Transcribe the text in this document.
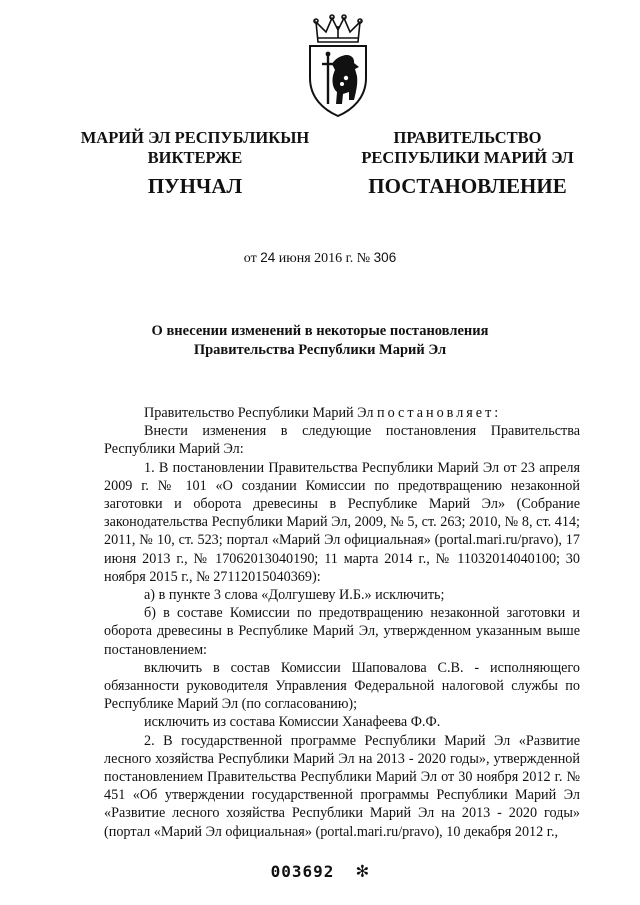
МАРИЙ ЭЛ РЕСПУБЛИКЫН
ВИКТЕРЖЕ
ПРАВИТЕЛЬСТВО
РЕСПУБЛИКИ МАРИЙ ЭЛ
ПУНЧАЛ	ПОСТАНОВЛЕНИЕ
от 24 июня 2016 г. № 306
О внесении изменений в некоторые постановления
Правительства Республики Марий Эл

Правительство Республики Марий Эл постановляет:

Внести изменения в следующие постановления Правительства Республики Марий Эл:

1. В постановлении Правительства Республики Марий Эл от 23 апреля 2009 г. № 101 «О создании Комиссии по предотвращению незаконной заготовки и оборота древесины в Республике Марий Эл» (Собрание законодательства Республики Марий Эл, 2009, № 5, ст. 263; 2010, № 8, ст. 414; 2011, № 10, ст. 523; портал «Марий Эл официальная» (portal.mari.ru/pravo), 17 июня 2013 г., № 17062013040190; 11 марта 2014 г., № 11032014040100; 30 ноября 2015 г., № 27112015040369):

а) в пункте 3 слова «Долгушеву И.Б.» исключить;

б) в составе Комиссии по предотвращению незаконной заготовки и оборота древесины в Республике Марий Эл, утвержденном указанным выше постановлением:

включить в состав Комиссии Шаповалова С.В. - исполняющего обязанности руководителя Управления Федеральной налоговой службы по Республике Марий Эл (по согласованию);

исключить из состава Комиссии Ханафеева Ф.Ф.

2. В государственной программе Республики Марий Эл «Развитие лесного хозяйства Республики Марий Эл на 2013 - 2020 годы», утвержденной постановлением Правительства Республики Марий Эл от 30 ноября 2012 г. № 451 «Об утверждении государственной программы Республики Марий Эл «Развитие лесного хозяйства Республики Марий Эл на 2013 - 2020 годы» (портал «Марий Эл официальная» (portal.mari.ru/pravo), 10 декабря 2012 г.,

003692 ✻
